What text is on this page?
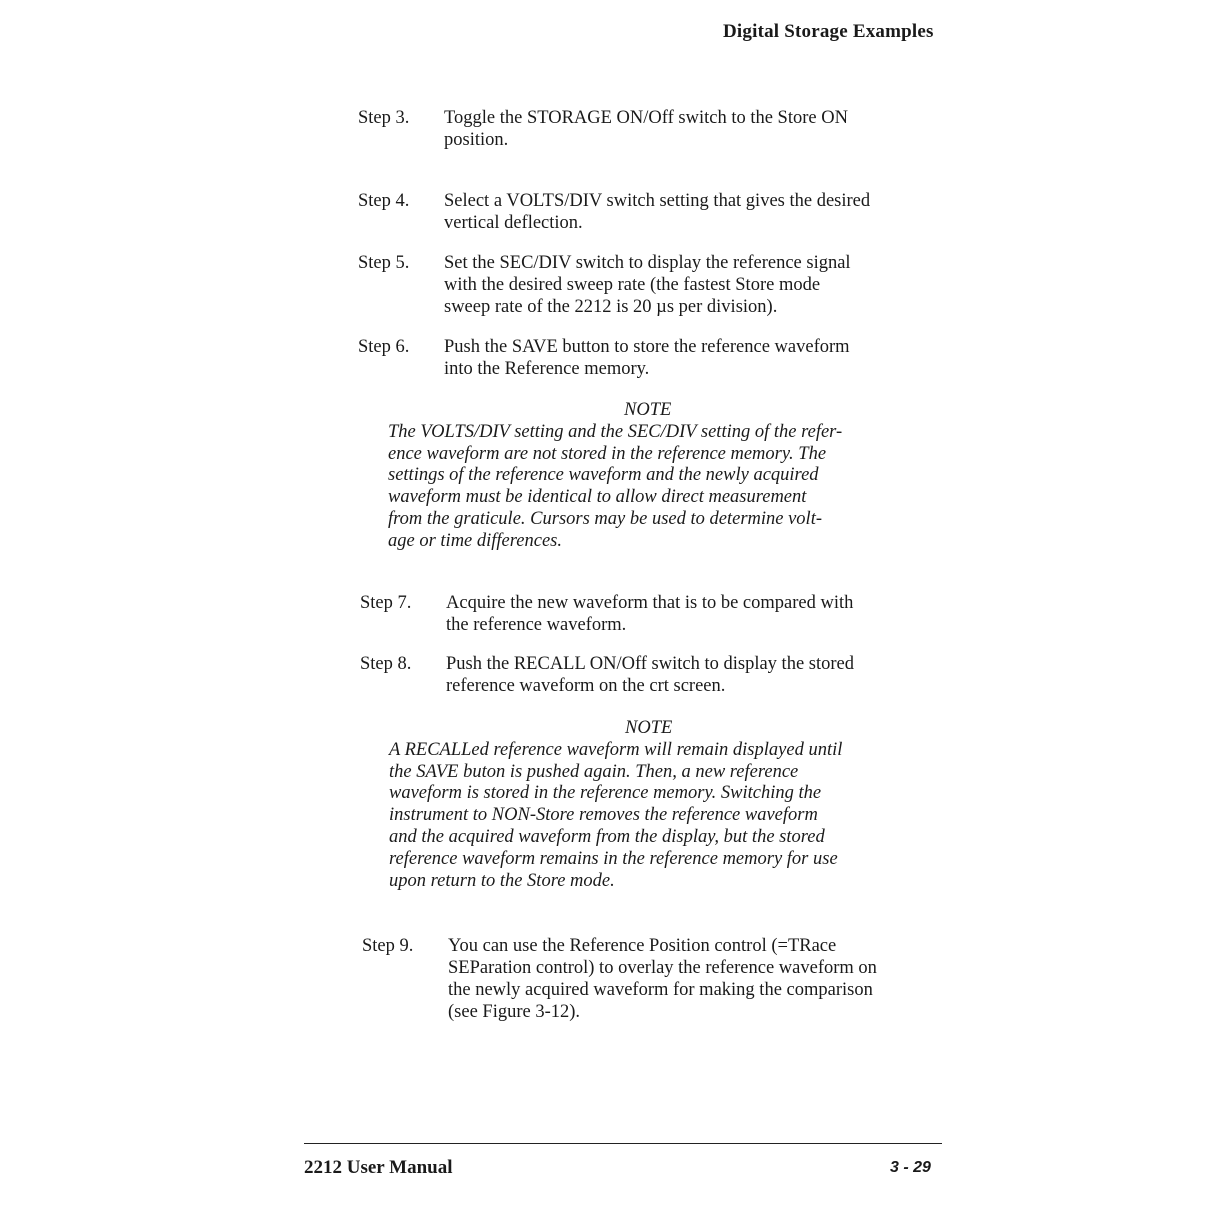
Digital Storage Examples
Step 3.	Toggle the STORAGE ON/Off switch to the Store ON
position.
Step 4.	Select a VOLTS/DIV switch setting that gives the desired
vertical deflection.
Step 5.	Set the SEC/DIV switch to display the reference signal
with the desired sweep rate (the fastest Store mode
sweep rate of the 2212 is 20 µs per division).
Step 6.	Push the SAVE button to store the reference waveform
into the Reference memory.
NOTE
The VOLTS/DIV setting and the SEC/DIV setting of the refer-
ence waveform are not stored in the reference memory. The
settings of the reference waveform and the newly acquired
waveform must be identical to allow direct measurement
from the graticule. Cursors may be used to determine volt-
age or time differences.
Step 7.	Acquire the new waveform that is to be compared with
the reference waveform.
Step 8.	Push the RECALL ON/Off switch to display the stored
reference waveform on the crt screen.
NOTE
A RECALLed reference waveform will remain displayed until
the SAVE buton is pushed again. Then, a new reference
waveform is stored in the reference memory. Switching the
instrument to NON-Store removes the reference waveform
and the acquired waveform from the display, but the stored
reference waveform remains in the reference memory for use
upon return to the Store mode.
Step 9.	You can use the Reference Position control (=TRace
SEParation control) to overlay the reference waveform on
the newly acquired waveform for making the comparison
(see Figure 3-12).
2212 User Manual	3 - 29
